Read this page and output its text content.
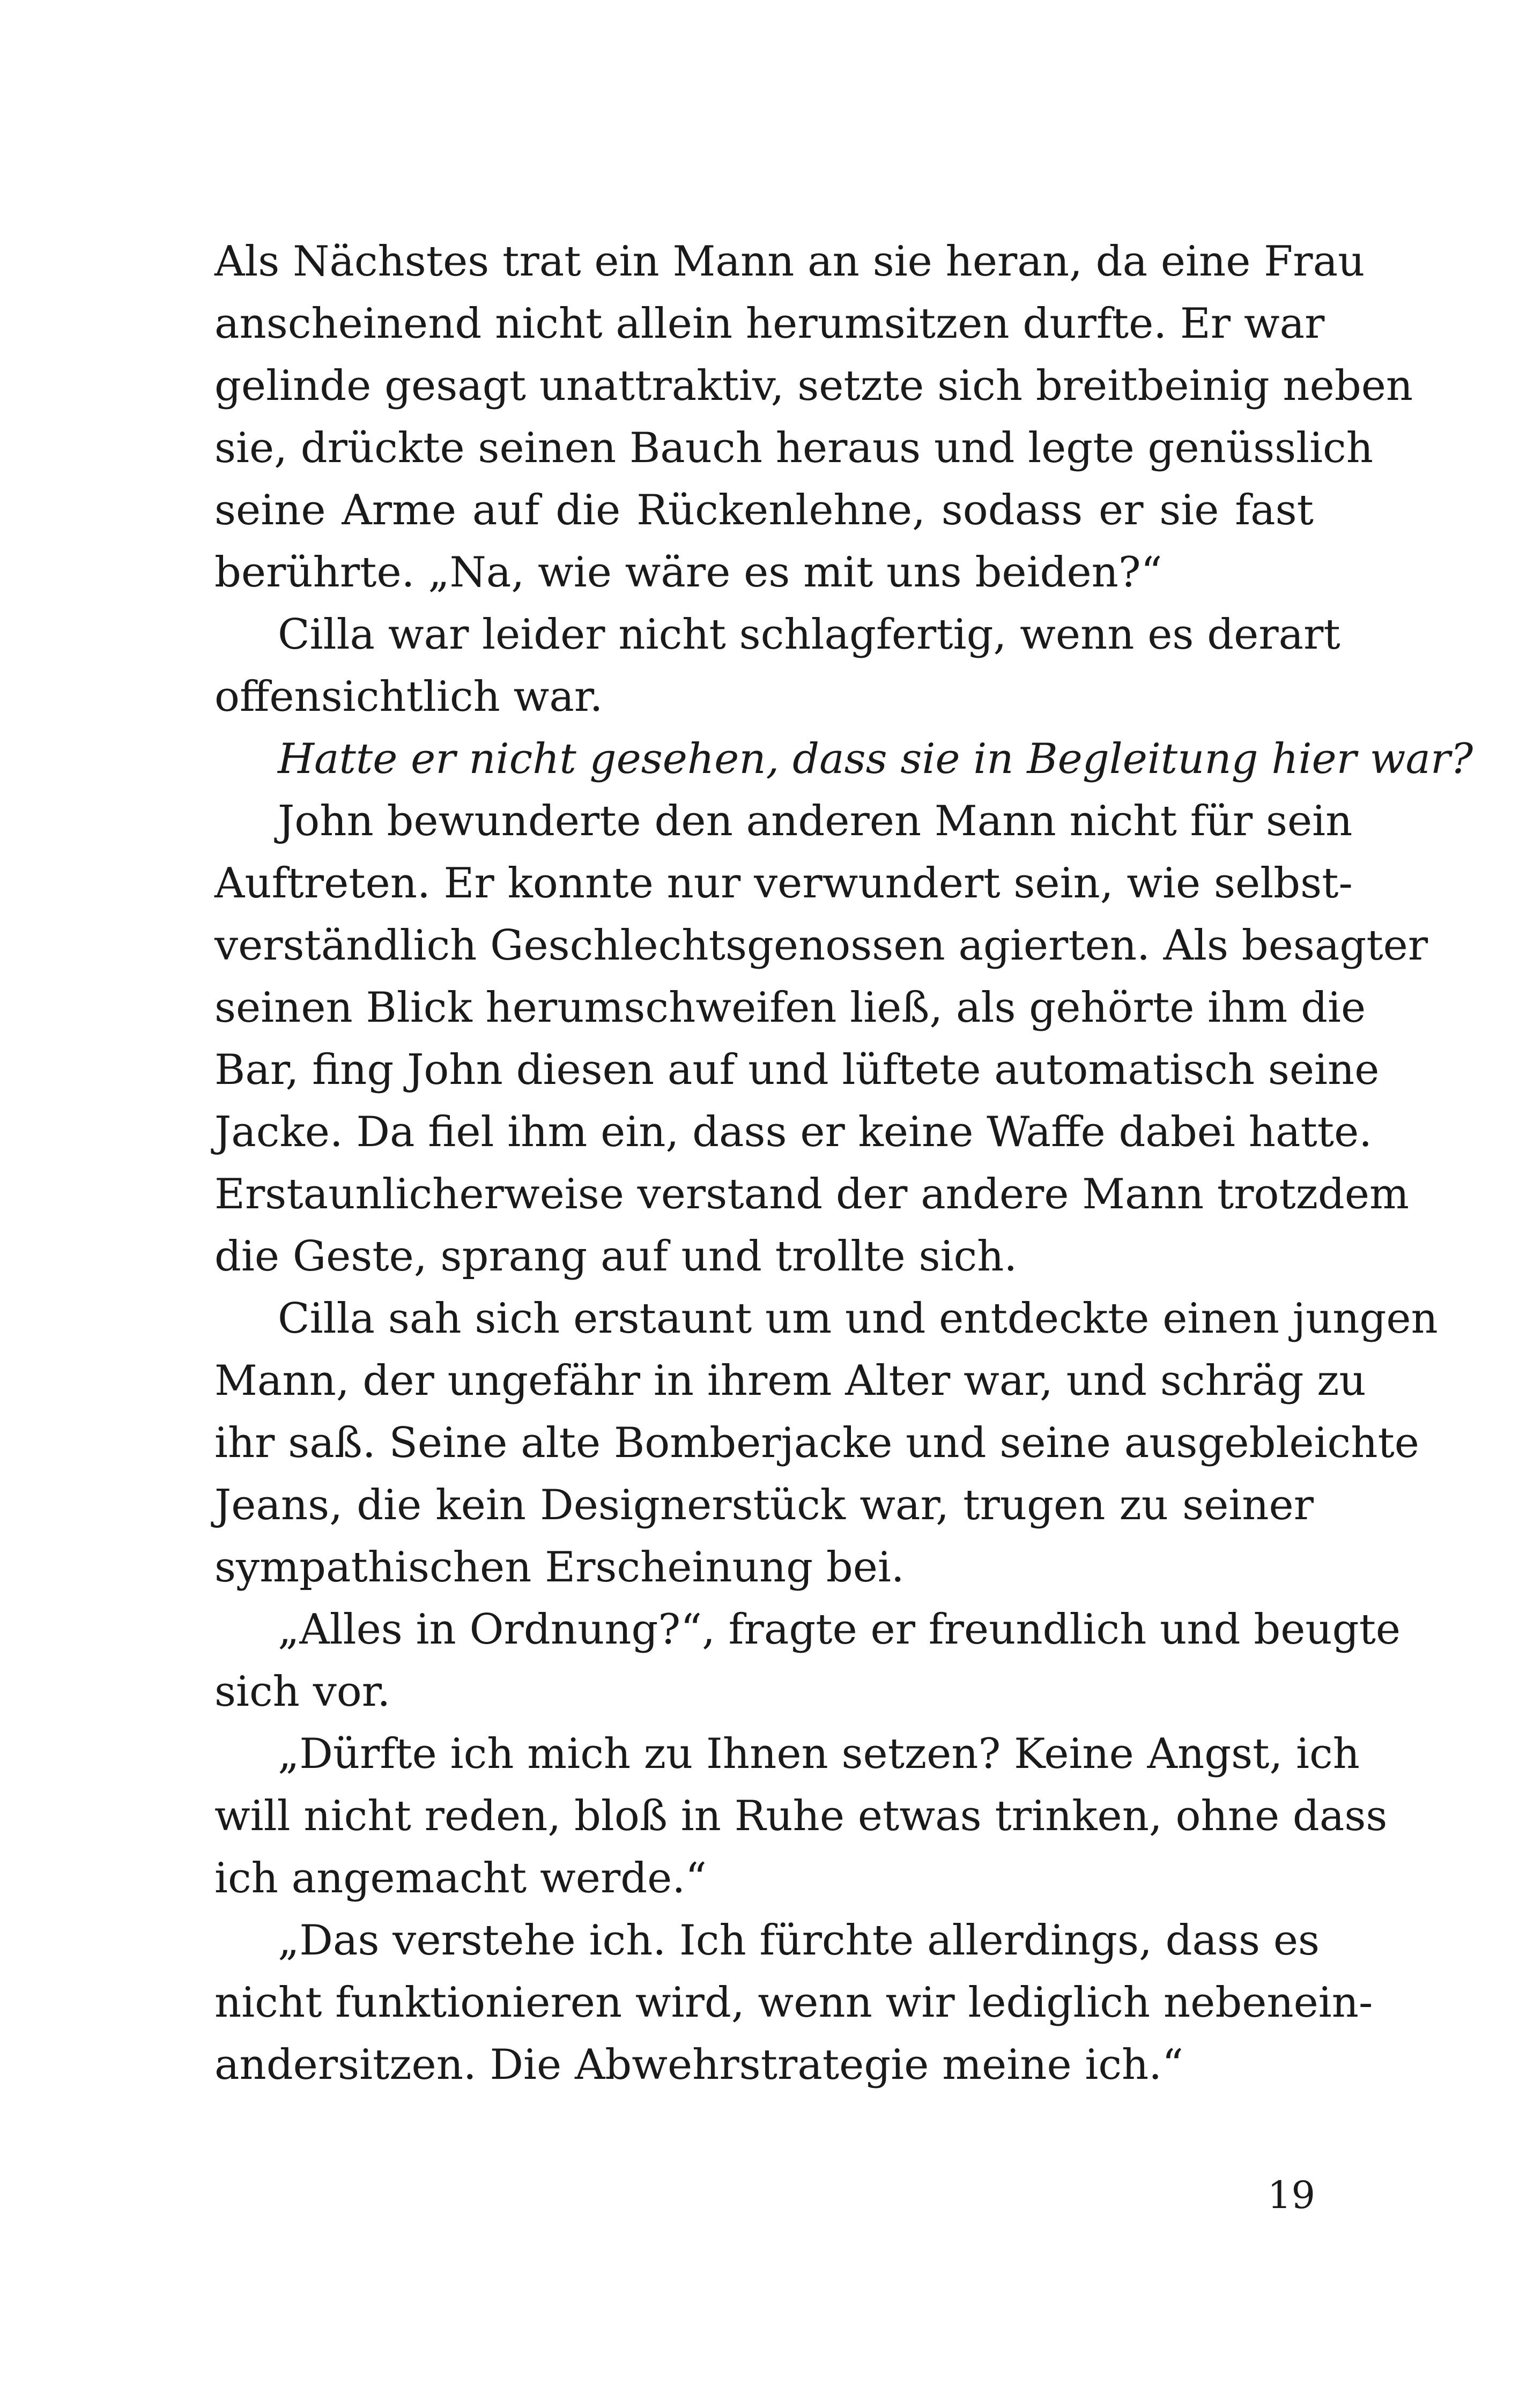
Als Nächstes trat ein Mann an sie heran, da eine Frau
anscheinend nicht allein herumsitzen durfte. Er war
gelinde gesagt unattraktiv, setzte sich breitbeinig neben
sie, drückte seinen Bauch heraus und legte genüsslich
seine Arme auf die Rückenlehne, sodass er sie fast
berührte. „Na, wie wäre es mit uns beiden?“
Cilla war leider nicht schlagfertig, wenn es derart
offensichtlich war.
Hatte er nicht gesehen, dass sie in Begleitung hier war?
John bewunderte den anderen Mann nicht für sein
Auftreten. Er konnte nur verwundert sein, wie selbst-
verständlich Geschlechtsgenossen agierten. Als besagter
seinen Blick herumschweifen ließ, als gehörte ihm die
Bar, fing John diesen auf und lüftete automatisch seine
Jacke. Da fiel ihm ein, dass er keine Waffe dabei hatte.
Erstaunlicherweise verstand der andere Mann trotzdem
die Geste, sprang auf und trollte sich.
Cilla sah sich erstaunt um und entdeckte einen jungen
Mann, der ungefähr in ihrem Alter war, und schräg zu
ihr saß. Seine alte Bomberjacke und seine ausgebleichte
Jeans, die kein Designerstück war, trugen zu seiner
sympathischen Erscheinung bei.
„Alles in Ordnung?“, fragte er freundlich und beugte
sich vor.
„Dürfte ich mich zu Ihnen setzen? Keine Angst, ich
will nicht reden, bloß in Ruhe etwas trinken, ohne dass
ich angemacht werde.“
„Das verstehe ich. Ich fürchte allerdings, dass es
nicht funktionieren wird, wenn wir lediglich nebenein-
andersitzen. Die Abwehrstrategie meine ich.“
19
